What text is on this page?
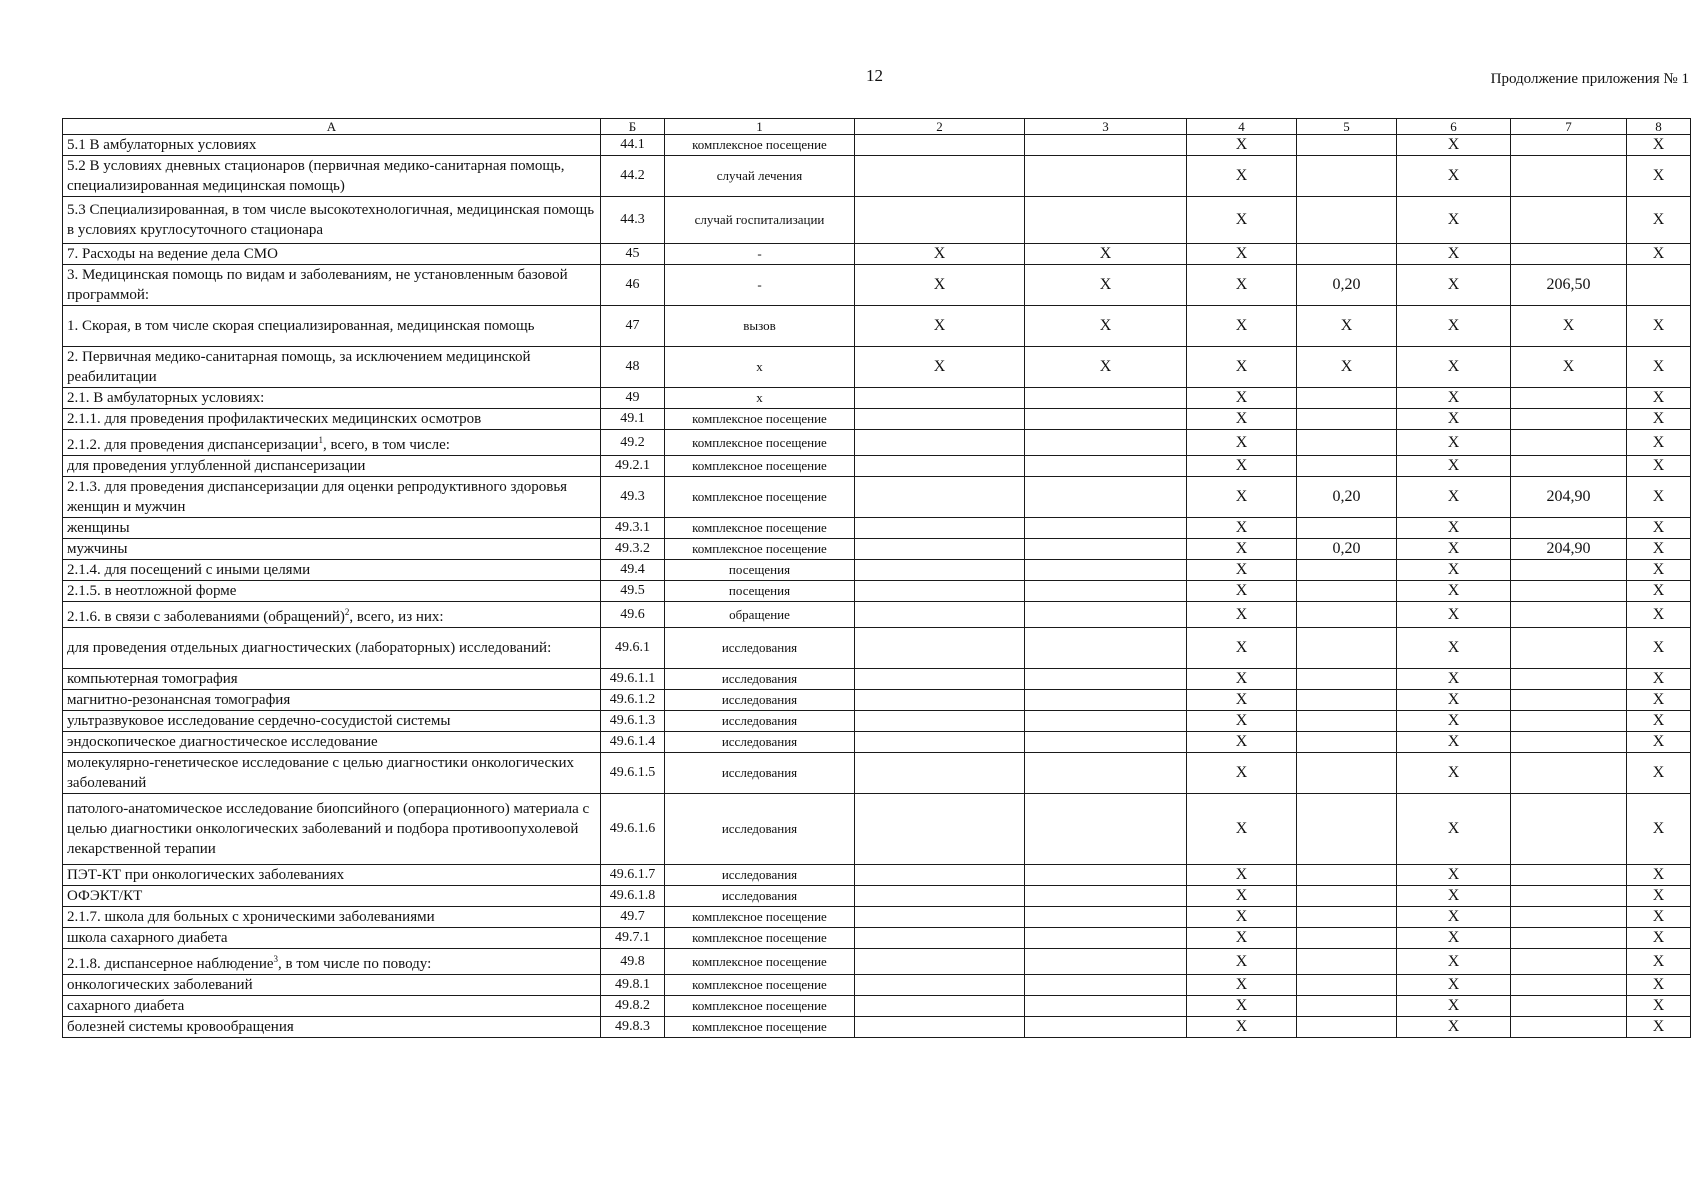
12	Продолжение приложения № 1
А	Б	1	2	3	4	5	6	7	8
5.1 В амбулаторных условиях	44.1	комплексное посещение			X		X		X
5.2 В условиях дневных стационаров (первичная медико-санитарная помощь, специализированная медицинская помощь)	44.2	случай лечения			X		X		X
5.3 Специализированная, в том числе высокотехнологичная, медицинская помощь в условиях круглосуточного стационара	44.3	случай госпитализации			X		X		X
7. Расходы на ведение дела СМО	45	-	X	X	X		X		X
3. Медицинская помощь по видам и заболеваниям, не установленным базовой программой:	46	-	X	X	X	0,20	X	206,50	
1. Скорая, в том числе скорая специализированная, медицинская помощь	47	вызов	X	X	X	X	X	X	X
2. Первичная медико-санитарная помощь, за исключением медицинской реабилитации	48	x	X	X	X	X	X	X	X
2.1. В амбулаторных условиях:	49	x			X		X		X
2.1.1. для проведения профилактических медицинских осмотров	49.1	комплексное посещение			X		X		X
2.1.2. для проведения диспансеризации$^1$, всего, в том числе:	49.2	комплексное посещение			X		X		X
для проведения углубленной диспансеризации	49.2.1	комплексное посещение			X		X		X
2.1.3. для проведения диспансеризации для оценки репродуктивного здоровья женщин и мужчин	49.3	комплексное посещение			X	0,20	X	204,90	X
женщины	49.3.1	комплексное посещение			X		X		X
мужчины	49.3.2	комплексное посещение			X	0,20	X	204,90	X
2.1.4. для посещений с иными целями	49.4	посещения			X		X		X
2.1.5. в неотложной форме	49.5	посещения			X		X		X
2.1.6. в связи с заболеваниями (обращений)$^2$, всего, из них:	49.6	обращение			X		X		X
для проведения отдельных диагностических (лабораторных) исследований:	49.6.1	исследования			X		X		X
компьютерная томография	49.6.1.1	исследования			X		X		X
магнитно-резонансная томография	49.6.1.2	исследования			X		X		X
ультразвуковое исследование сердечно-сосудистой системы	49.6.1.3	исследования			X		X		X
эндоскопическое диагностическое исследование	49.6.1.4	исследования			X		X		X
молекулярно-генетическое исследование с целью диагностики онкологических заболеваний	49.6.1.5	исследования			X		X		X
патолого-анатомическое исследование биопсийного (операционного) материала с целью диагностики онкологических заболеваний и подбора противоопухолевой лекарственной терапии	49.6.1.6	исследования			X		X		X
ПЭТ-КТ при онкологических заболеваниях	49.6.1.7	исследования			X		X		X
ОФЭКТ/КТ	49.6.1.8	исследования			X		X		X
2.1.7. школа для больных с хроническими заболеваниями	49.7	комплексное посещение			X		X		X
школа сахарного диабета	49.7.1	комплексное посещение			X		X		X
2.1.8. диспансерное наблюдение$^3$, в том числе по поводу:	49.8	комплексное посещение			X		X		X
онкологических заболеваний	49.8.1	комплексное посещение			X		X		X
сахарного диабета	49.8.2	комплексное посещение			X		X		X
болезней системы кровообращения	49.8.3	комплексное посещение			X		X		X
